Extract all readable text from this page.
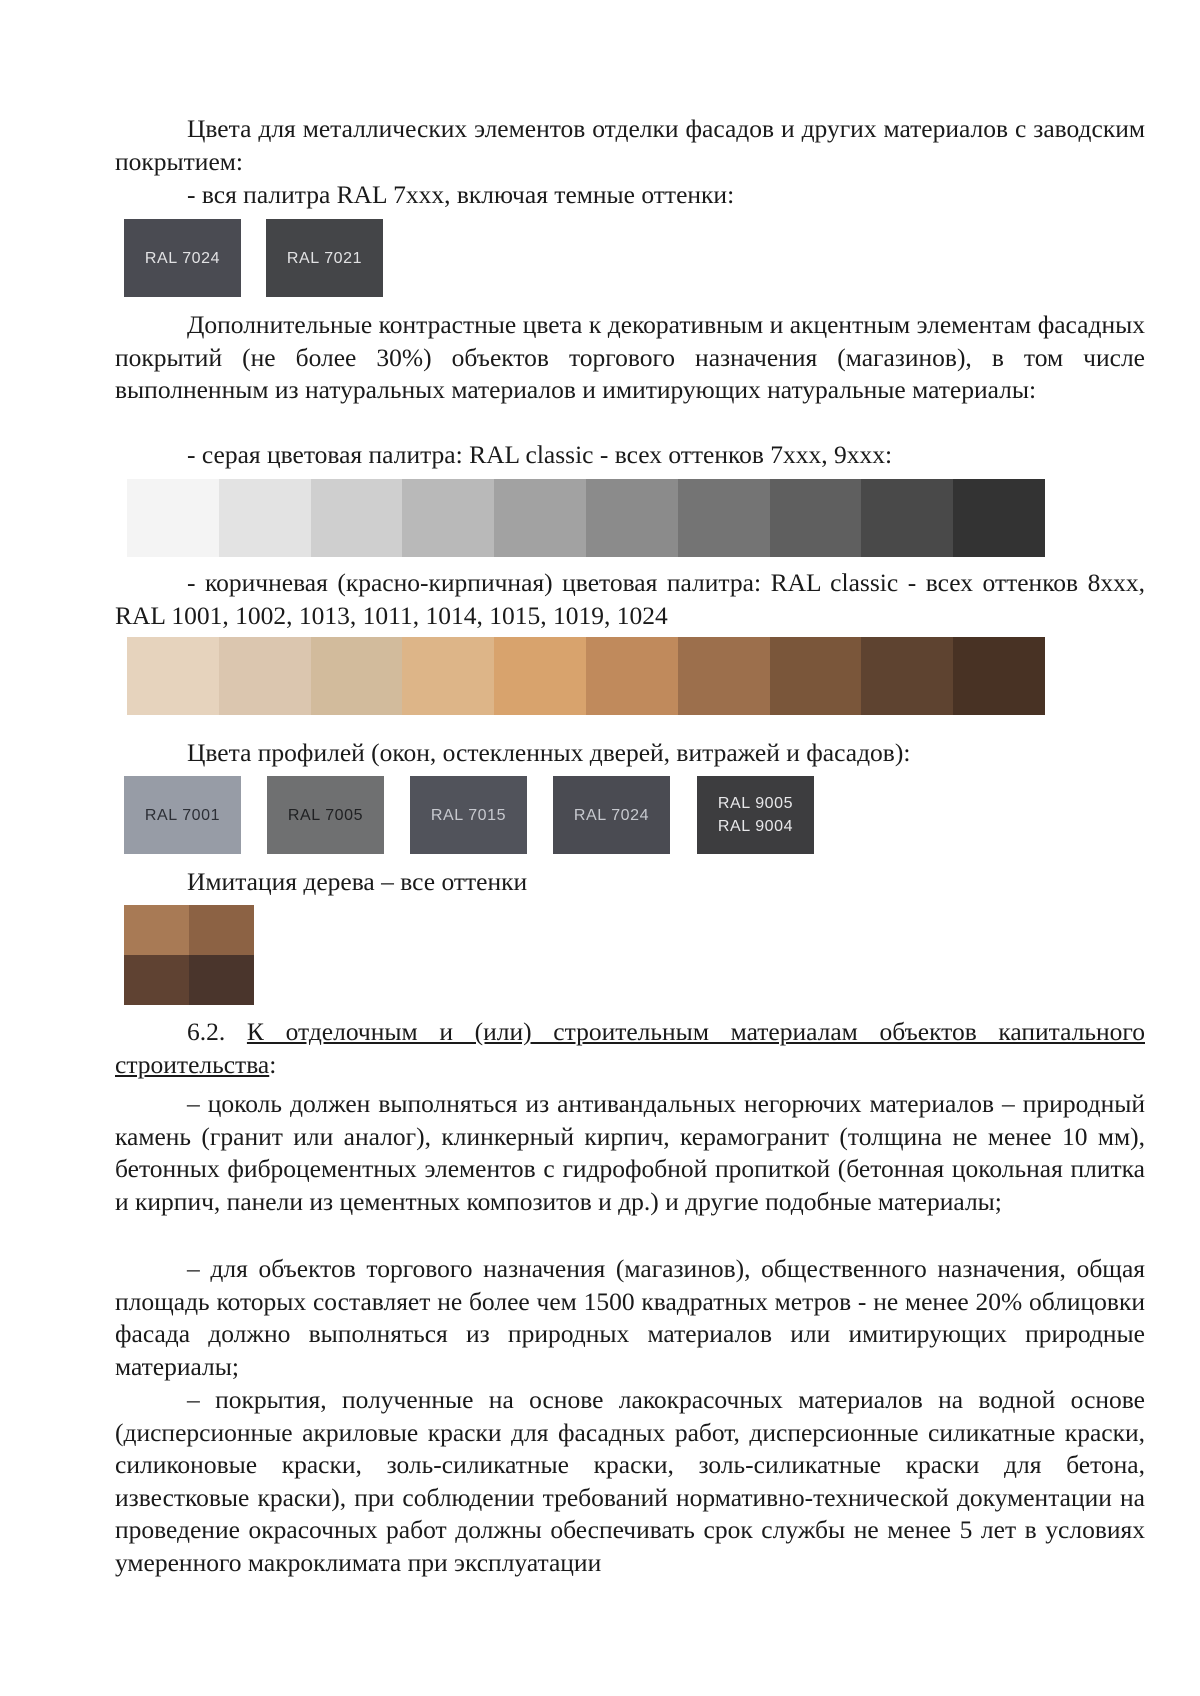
Цвета для металлических элементов отделки фасадов и других материалов с заводским покрытием:

- вся палитра RAL 7xxx, включая темные оттенки:

RAL 7024	RAL 7021

Дополнительные контрастные цвета к декоративным и акцентным элементам фасадных покрытий (не более 30%) объектов торгового назначения (магазинов), в том числе выполненным из натуральных материалов и имитирующих натуральные материалы:

- серая цветовая палитра: RAL classic - всех оттенков 7xxx, 9xxx:

- коричневая (красно-кирпичная) цветовая палитра: RAL classic - всех оттенков 8xxx, RAL 1001, 1002, 1013, 1011, 1014, 1015, 1019, 1024

Цвета профилей (окон, остекленных дверей, витражей и фасадов):

RAL 7001	RAL 7005	RAL 7015	RAL 7024
RAL 9005
RAL 9004

Имитация дерева – все оттенки

6.2. К отделочным и (или) строительным материалам объектов капитального строительства:

– цоколь должен выполняться из антивандальных негорючих материалов – природный камень (гранит или аналог), клинкерный кирпич, керамогранит (толщина не менее 10 мм), бетонных фиброцементных элементов с гидрофобной пропиткой (бетонная цокольная плитка и кирпич, панели из цементных композитов и др.) и другие подобные материалы;

– для объектов торгового назначения (магазинов), общественного назначения, общая площадь которых составляет не более чем 1500 квадратных метров - не менее 20% облицовки фасада должно выполняться из природных материалов или имитирующих природные материалы;

– покрытия, полученные на основе лакокрасочных материалов на водной основе (дисперсионные акриловые краски для фасадных работ, дисперсионные силикатные краски, силиконовые краски, золь-силикатные краски, золь-силикатные краски для бетона, известковые краски), при соблюдении требований нормативно-технической документации на проведение окрасочных работ должны обеспечивать срок службы не менее 5 лет в условиях умеренного макроклимата при эксплуатации
